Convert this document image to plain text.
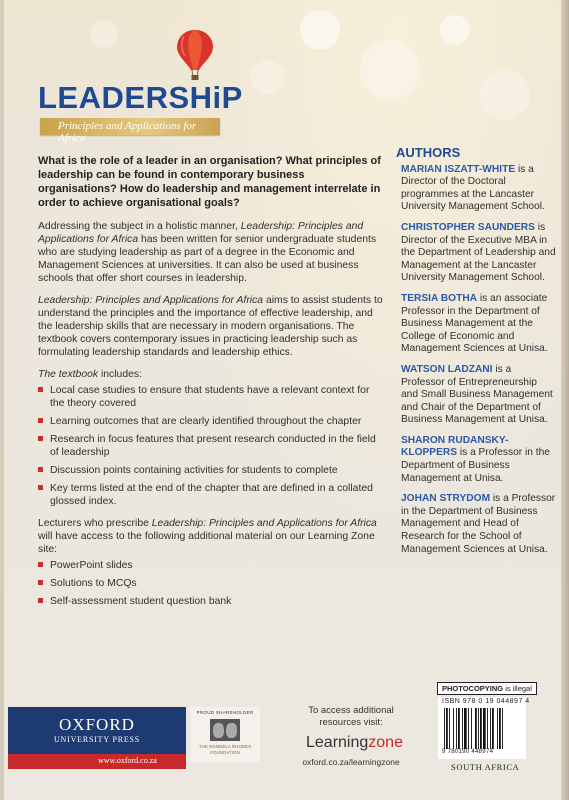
LEADERSHiP
Principles and Applications for Africa

What is the role of a leader in an organisation? What principles of leadership can be found in contemporary business organisations? How do leadership and management interrelate in order to achieve organisational goals?

Addressing the subject in a holistic manner, Leadership: Principles and Applications for Africa has been written for senior undergraduate students who are studying leadership as part of a degree in the Economic and Management Sciences at universities. It can also be used at business schools that offer short courses in leadership.

Leadership: Principles and Applications for Africa aims to assist students to understand the principles and the importance of effective leadership, and the leadership skills that are necessary in modern organisations. The textbook covers contemporary issues in practicing leadership such as formulating leadership standards and leadership ethics.

The textbook includes:

Local case studies to ensure that students have a relevant context for the theory covered
Learning outcomes that are clearly identified throughout the chapter
Research in focus features that present research conducted in the field of leadership
Discussion points containing activities for students to complete
Key terms listed at the end of the chapter that are defined in a collated glossed index.

Lecturers who prescribe Leadership: Principles and Applications for Africa will have access to the following additional material on our Learning Zone site:

PowerPoint slides
Solutions to MCQs
Self-assessment student question bank
AUTHORS
MARIAN ISZATT-WHITE is a Director of the Doctoral programmes at the Lancaster University Management School.
CHRISTOPHER SAUNDERS is Director of the Executive MBA in the Department of Leadership and Management at the Lancaster University Management School.
TERSIA BOTHA is an associate Professor in the Department of Business Management at the College of Economic and Management Sciences at Unisa.
WATSON LADZANI is a Professor of Entrepreneurship and Small Business Management and Chair of the Department of Business Management at Unisa.
SHARON RUDANSKY-KLOPPERS is a Professor in the Department of Business Management at Unisa.
JOHAN STRYDOM is a Professor in the Department of Business Management and Head of Research for the School of Management Sciences at Unisa.
OXFORD
UNIVERSITY PRESS
www.oxford.co.za
PROUD SHAREHOLDER
THE MANDELA RHODES
FOUNDATION
To access additional
resources visit:
Learningzone
oxford.co.za/learningzone
PHOTOCOPYING is illegal
ISBN 978 0 19 044897 4
9 780190 448974
SOUTH AFRICA
